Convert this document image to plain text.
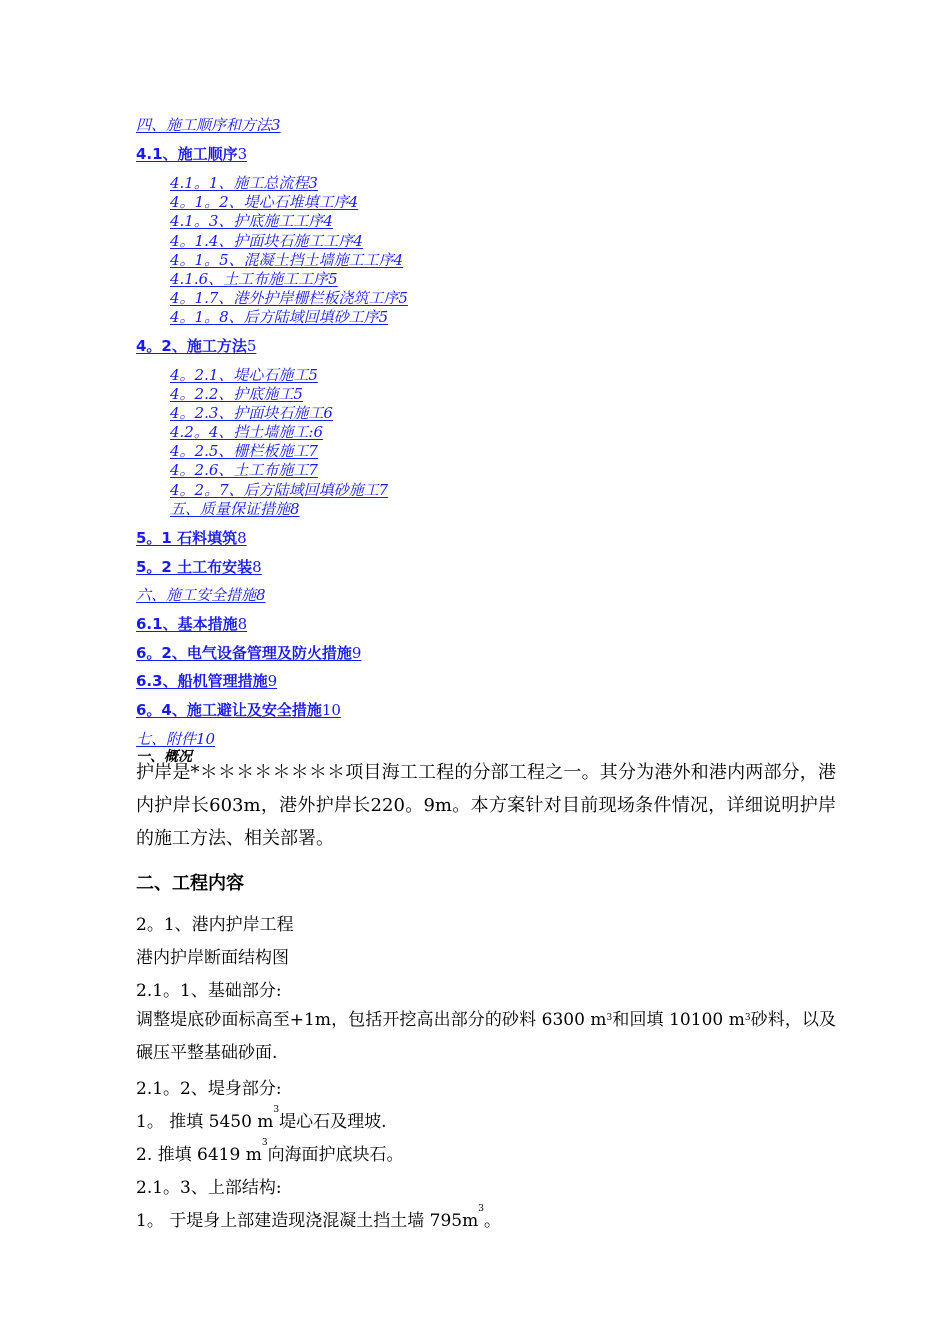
四、施工顺序和方法3
4.1、施工顺序3
4.1。1、施工总流程3
4。1。2、堤心石堆填工序4
4.1。3、护底施工工序4
4。1.4、护面块石施工工序4
4。1。5、混凝土挡土墙施工工序4
4.1.6、土工布施工工序5
4。1.7、港外护岸栅栏板浇筑工序5
4。1。8、后方陆域回填砂工序5
4。2、施工方法5
4。2.1、堤心石施工5
4。2.2、护底施工5
4。2.3、护面块石施工6
4.2。4、挡土墙施工:6
4。2.5、栅栏板施工7
4。2.6、土工布施工7
4。2。7、后方陆域回填砂施工7
五、质量保证措施8
5。1 石料填筑8
5。2 土工布安装8
六、施工安全措施8
6.1、基本措施8
6。2、电气设备管理及防火措施9
6.3、船机管理措施9
6。4、施工避让及安全措施10
七、附件10
一、概况

护岸是*＊＊＊＊＊＊＊＊项目海工工程的分部工程之一。其分为港外和港内两部分，港内护岸长603m，港外护岸长220。9m。本方案针对目前现场条件情况，详细说明护岸的施工方法、相关部署。

二、工程内容
2。1、港内护岸工程
港内护岸断面结构图
2.1。1、基础部分:
调整堤底砂面标高至+1m，包括开挖高出部分的砂料 6300 $m^3$和回填 10100 $m^3$砂料，以及碾压平整基础砂面.
2.1。2、堤身部分:
1。 推填 5450 $m^3$堤心石及理坡.
2. 推填 6419 $m^3$向海面护底块石。
2.1。3、上部结构:
1。 于堤身上部建造现浇混凝土挡土墙 $795m^3$。
